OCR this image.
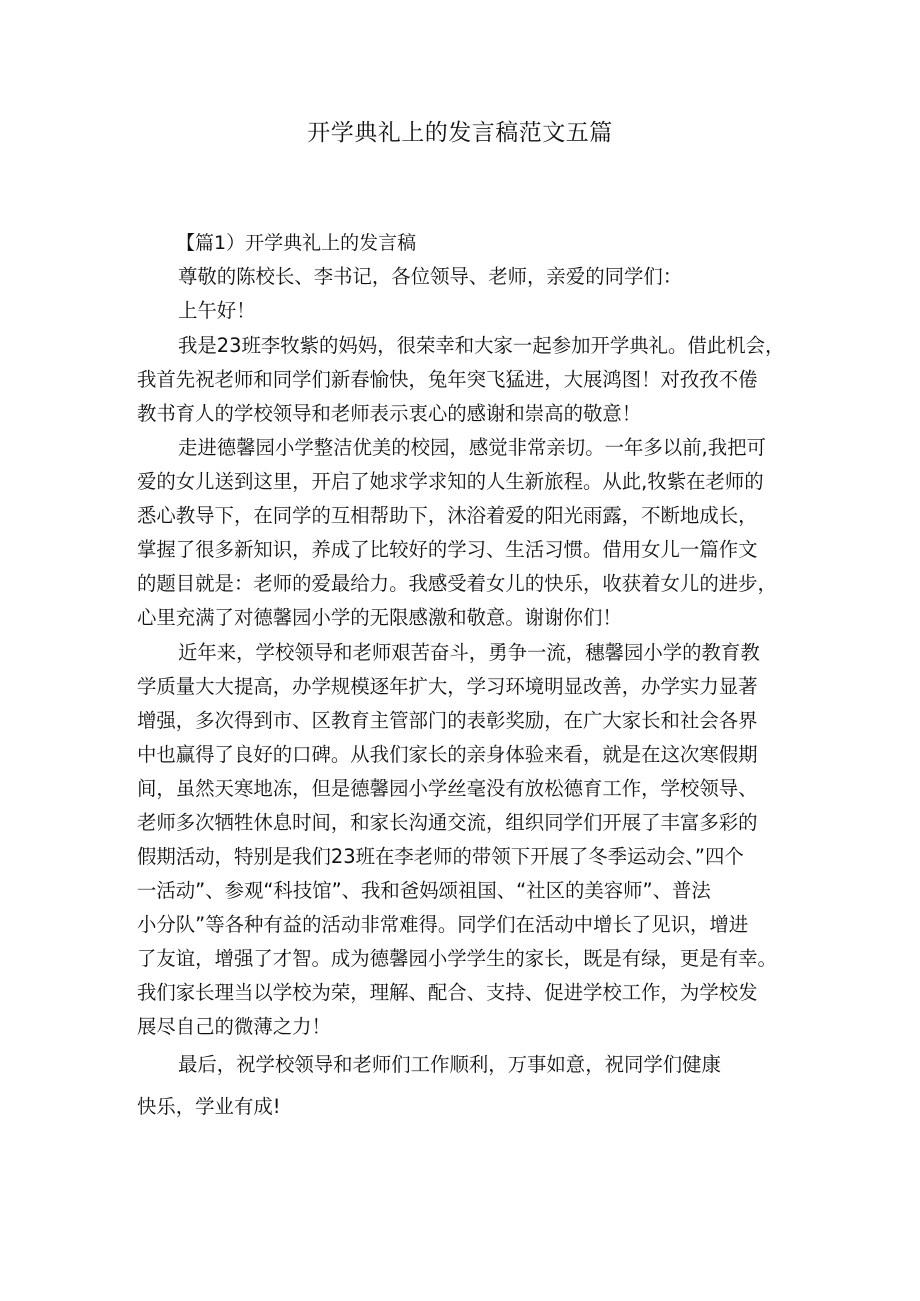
开学典礼上的发言稿范文五篇
【篇1）开学典礼上的发言稿
尊敬的陈校长、李书记，各位领导、老师，亲爱的同学们：
上午好！
我是23班李牧紫的妈妈，很荣幸和大家一起参加开学典礼。借此机会，
我首先祝老师和同学们新春愉快，兔年突飞猛进，大展鸿图！对孜孜不倦
教书育人的学校领导和老师表示衷心的感谢和崇高的敬意！
走进德馨园小学整洁优美的校园，感觉非常亲切。一年多以前,我把可
爱的女儿送到这里，开启了她求学求知的人生新旅程。从此,牧紫在老师的
悉心教导下，在同学的互相帮助下，沐浴着爱的阳光雨露，不断地成长，
掌握了很多新知识，养成了比较好的学习、生活习惯。借用女儿一篇作文
的题目就是：老师的爱最给力。我感受着女儿的快乐，收获着女儿的进步，
心里充满了对德馨园小学的无限感激和敬意。谢谢你们！
近年来，学校领导和老师艰苦奋斗，勇争一流，穗馨园小学的教育教
学质量大大提高，办学规模逐年扩大，学习环境明显改善，办学实力显著
增强，多次得到市、区教育主管部门的表彰奖励，在广大家长和社会各界
中也赢得了良好的口碑。从我们家长的亲身体验来看，就是在这次寒假期
间，虽然天寒地冻，但是德馨园小学丝毫没有放松德育工作，学校领导、
老师多次牺牲休息时间，和家长沟通交流，组织同学们开展了丰富多彩的
假期活动，特别是我们23班在李老师的带领下开展了冬季运动会、”四个
一活动”、参观“科技馆”、我和爸妈颂祖国、“社区的美容师”、普法
小分队”等各种有益的活动非常难得。同学们在活动中增长了见识，增进
了友谊，增强了才智。成为德馨园小学学生的家长，既是有绿，更是有幸。
我们家长理当以学校为荣，理解、配合、支持、促进学校工作，为学校发
展尽自己的微薄之力！
最后，祝学校领导和老师们工作顺利，万事如意，祝同学们健康
快乐，学业有成!
